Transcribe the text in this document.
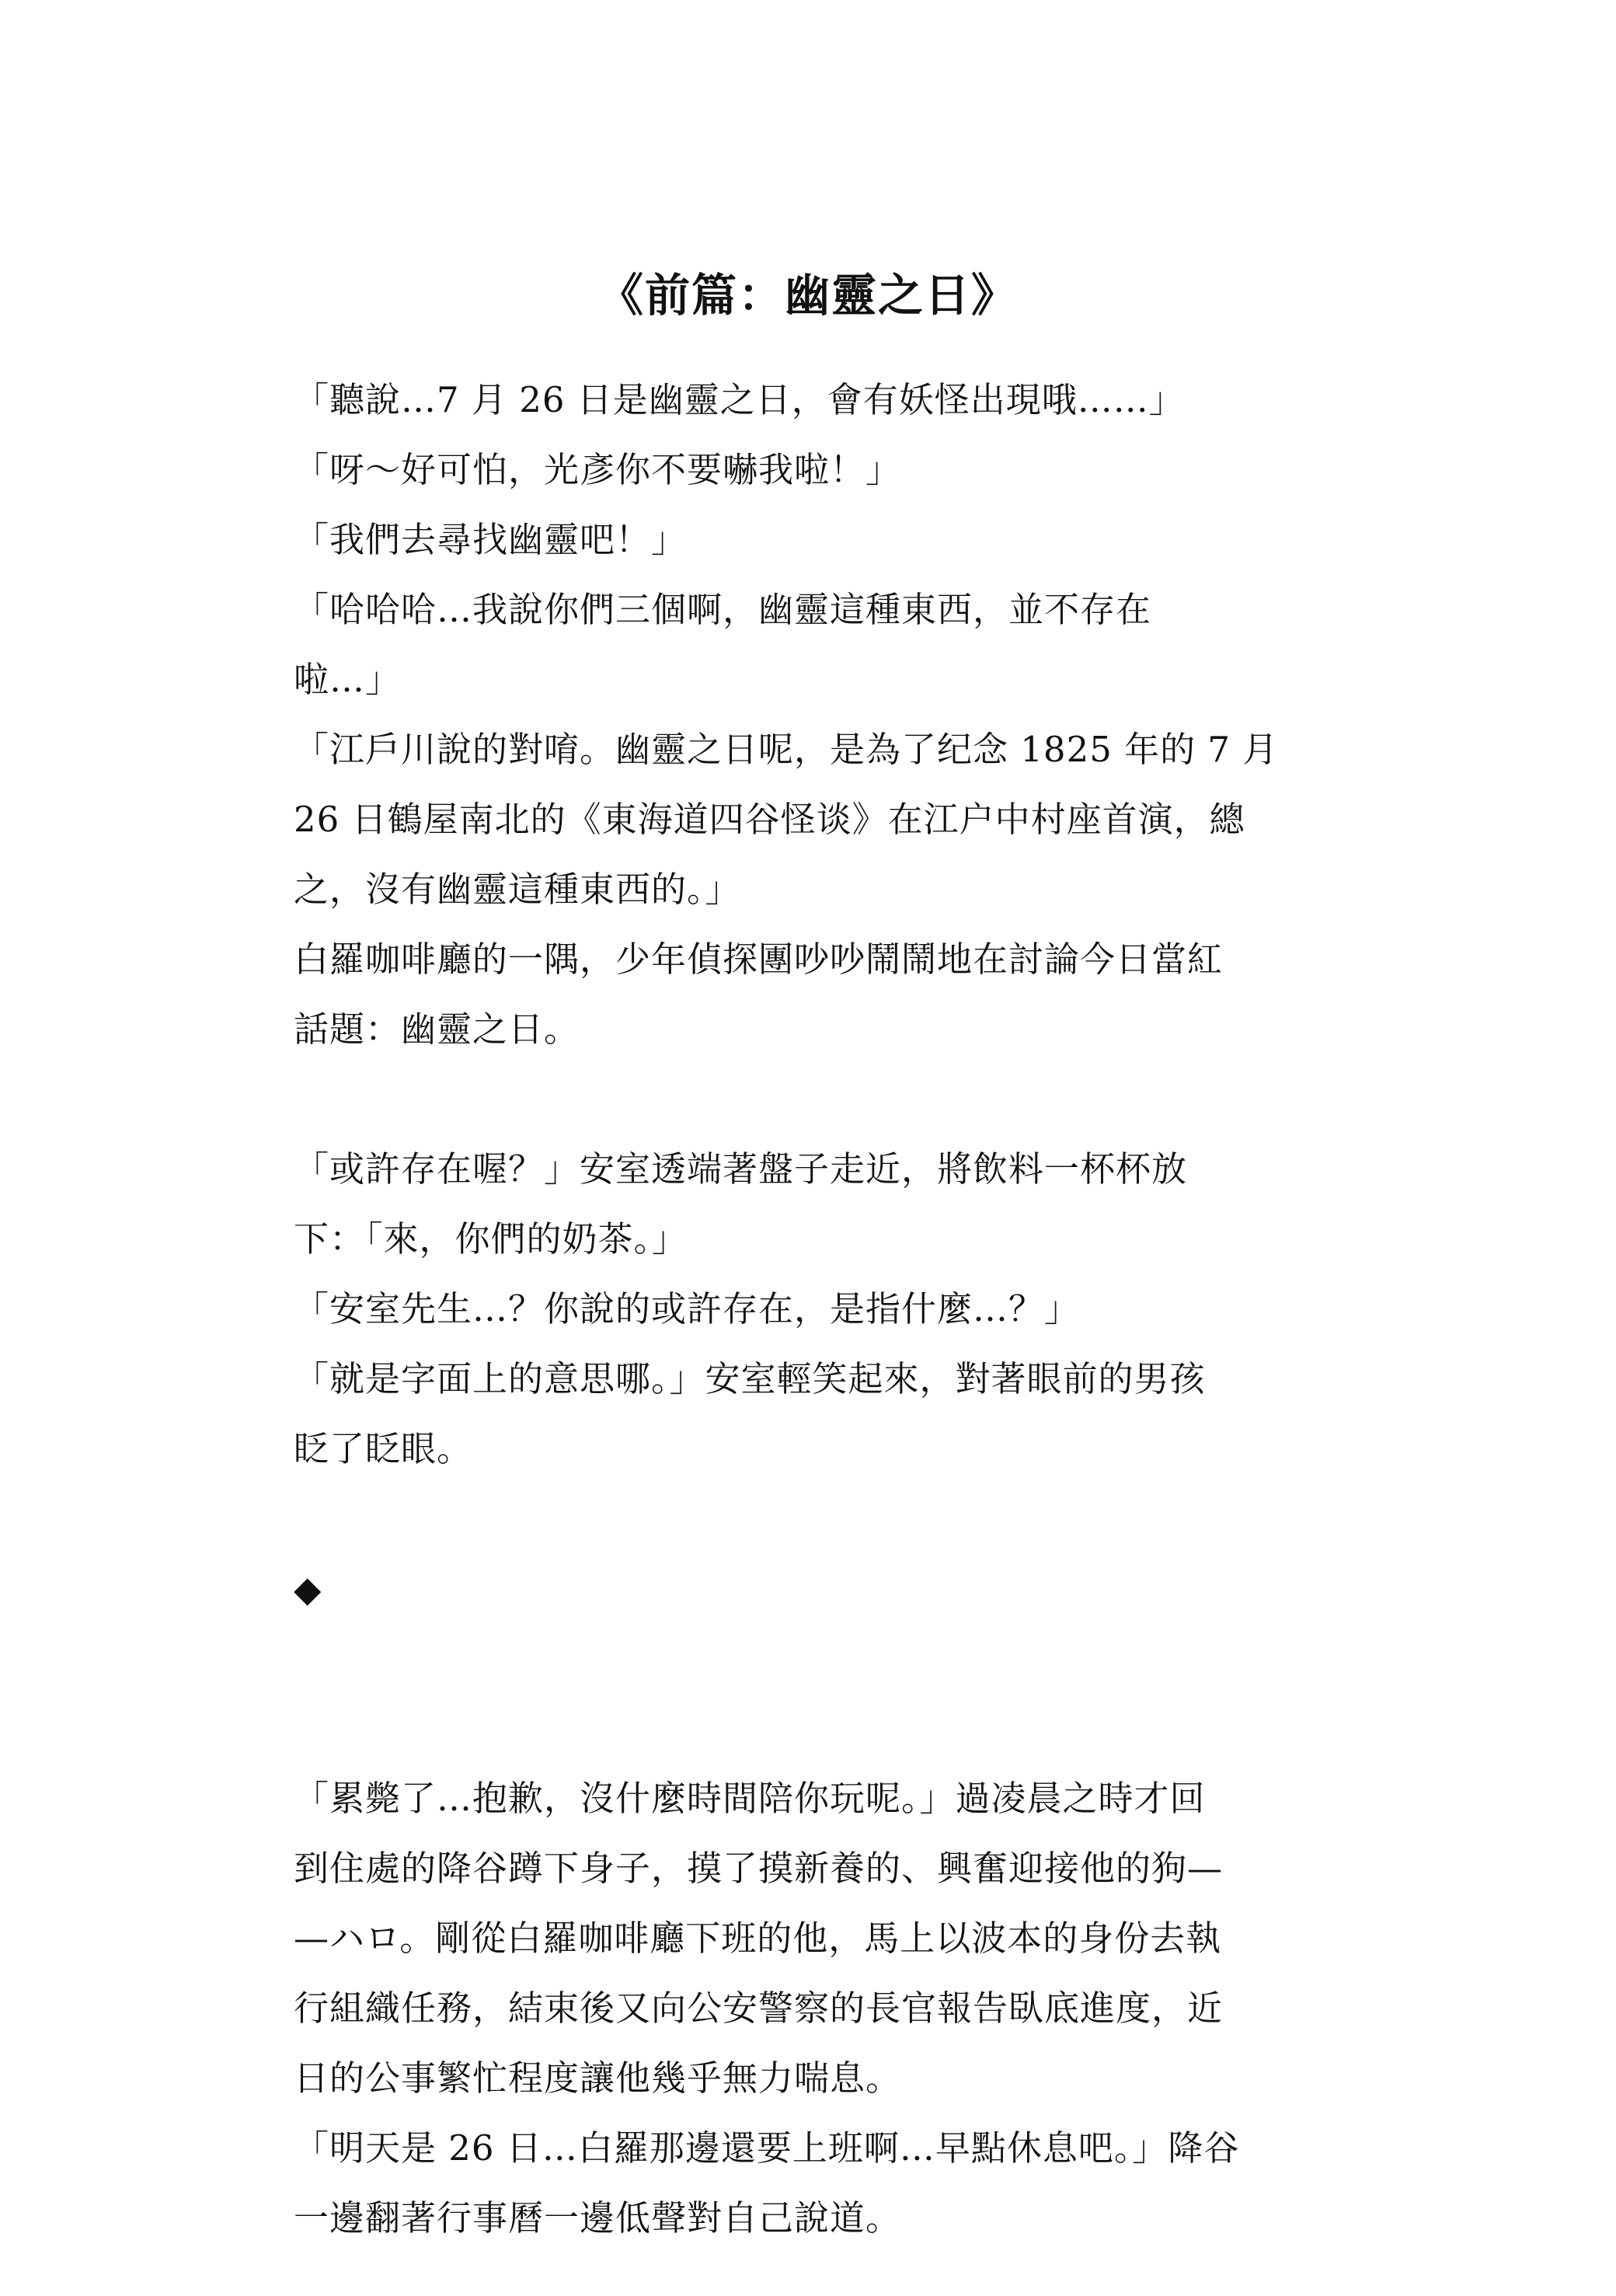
《前篇：幽靈之日》
「聽說…7 月 26 日是幽靈之日，會有妖怪出現哦……」
「呀～好可怕，光彥你不要嚇我啦！」
「我們去尋找幽靈吧！」
「哈哈哈…我說你們三個啊，幽靈這種東西，並不存在
啦…」
「江戶川說的對唷。幽靈之日呢，是為了纪念 1825 年的 7 月
26 日鶴屋南北的《東海道四谷怪谈》在江户中村座首演，總
之，沒有幽靈這種東西的。」
白羅咖啡廳的一隅，少年偵探團吵吵鬧鬧地在討論今日當紅
話題：幽靈之日。
「或許存在喔？」安室透端著盤子走近，將飲料一杯杯放
下：「來，你們的奶茶。」
「安室先生…？你說的或許存在，是指什麼…？」
「就是字面上的意思哪。」安室輕笑起來，對著眼前的男孩
眨了眨眼。
◆
「累斃了…抱歉，沒什麼時間陪你玩呢。」過凌晨之時才回
到住處的降谷蹲下身子，摸了摸新養的、興奮迎接他的狗—
—ハロ。剛從白羅咖啡廳下班的他，馬上以波本的身份去執
行組織任務，結束後又向公安警察的長官報告臥底進度，近
日的公事繁忙程度讓他幾乎無力喘息。
「明天是 26 日…白羅那邊還要上班啊…早點休息吧。」降谷
一邊翻著行事曆一邊低聲對自己說道。
